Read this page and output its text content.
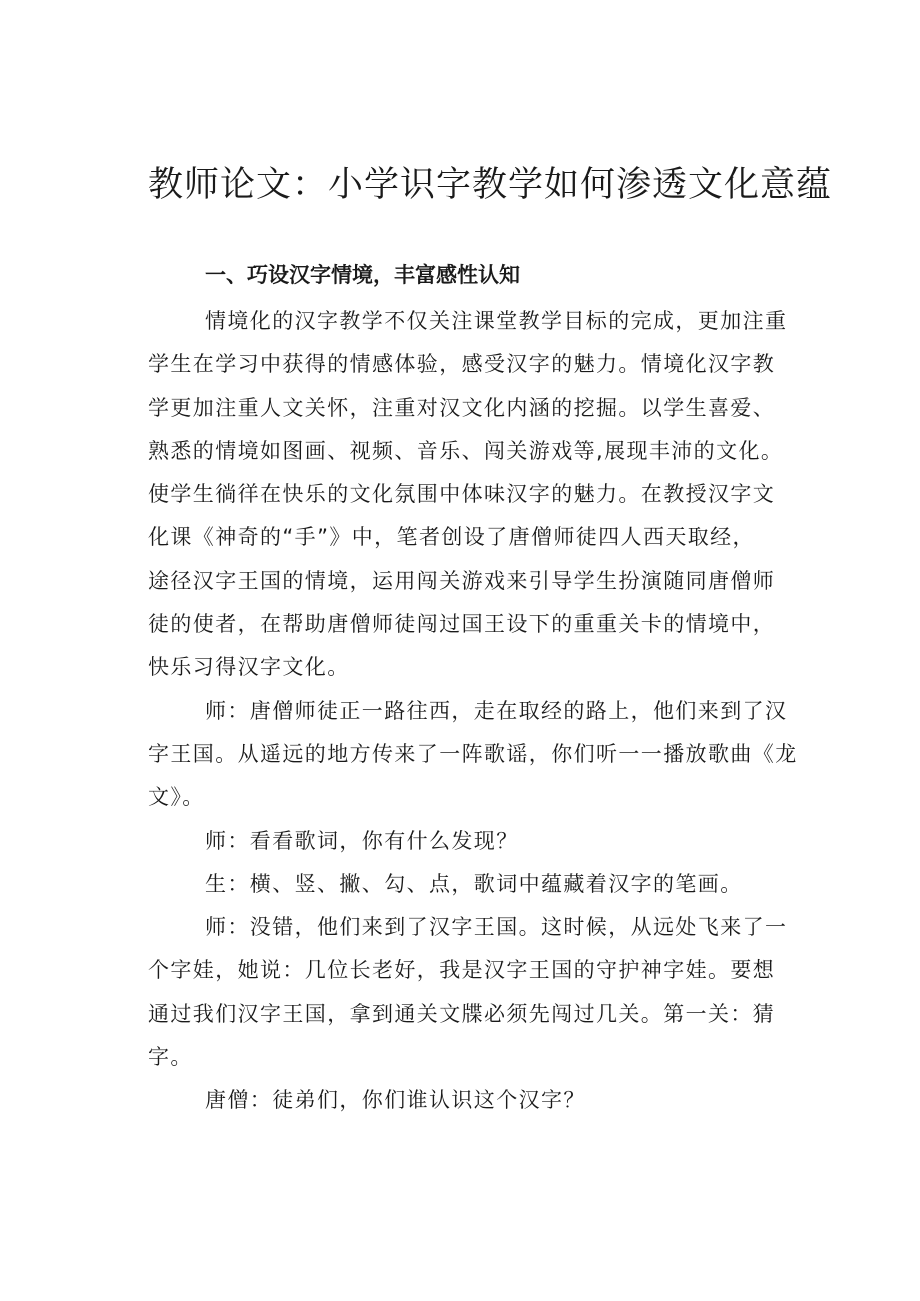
教师论文：小学识字教学如何渗透文化意蕴
一、巧设汉字情境，丰富感性认知
情境化的汉字教学不仅关注课堂教学目标的完成，更加注重
学生在学习中获得的情感体验，感受汉字的魅力。情境化汉字教
学更加注重人文关怀，注重对汉文化内涵的挖掘。以学生喜爱、
熟悉的情境如图画、视频、音乐、闯关游戏等,展现丰沛的文化。
使学生徜徉在快乐的文化氛围中体味汉字的魅力。在教授汉字文
化课《神奇的“手”》中，笔者创设了唐僧师徒四人西天取经，
途径汉字王国的情境，运用闯关游戏来引导学生扮演随同唐僧师
徒的使者，在帮助唐僧师徒闯过国王设下的重重关卡的情境中，
快乐习得汉字文化。
师：唐僧师徒正一路往西，走在取经的路上，他们来到了汉
字王国。从遥远的地方传来了一阵歌谣，你们听一一播放歌曲《龙
文》。
师：看看歌词，你有什么发现？
生：横、竖、撇、勾、点，歌词中蕴藏着汉字的笔画。
师：没错，他们来到了汉字王国。这时候，从远处飞来了一
个字娃，她说：几位长老好，我是汉字王国的守护神字娃。要想
通过我们汉字王国，拿到通关文牒必须先闯过几关。第一关：猜
字。
唐僧：徒弟们，你们谁认识这个汉字？
